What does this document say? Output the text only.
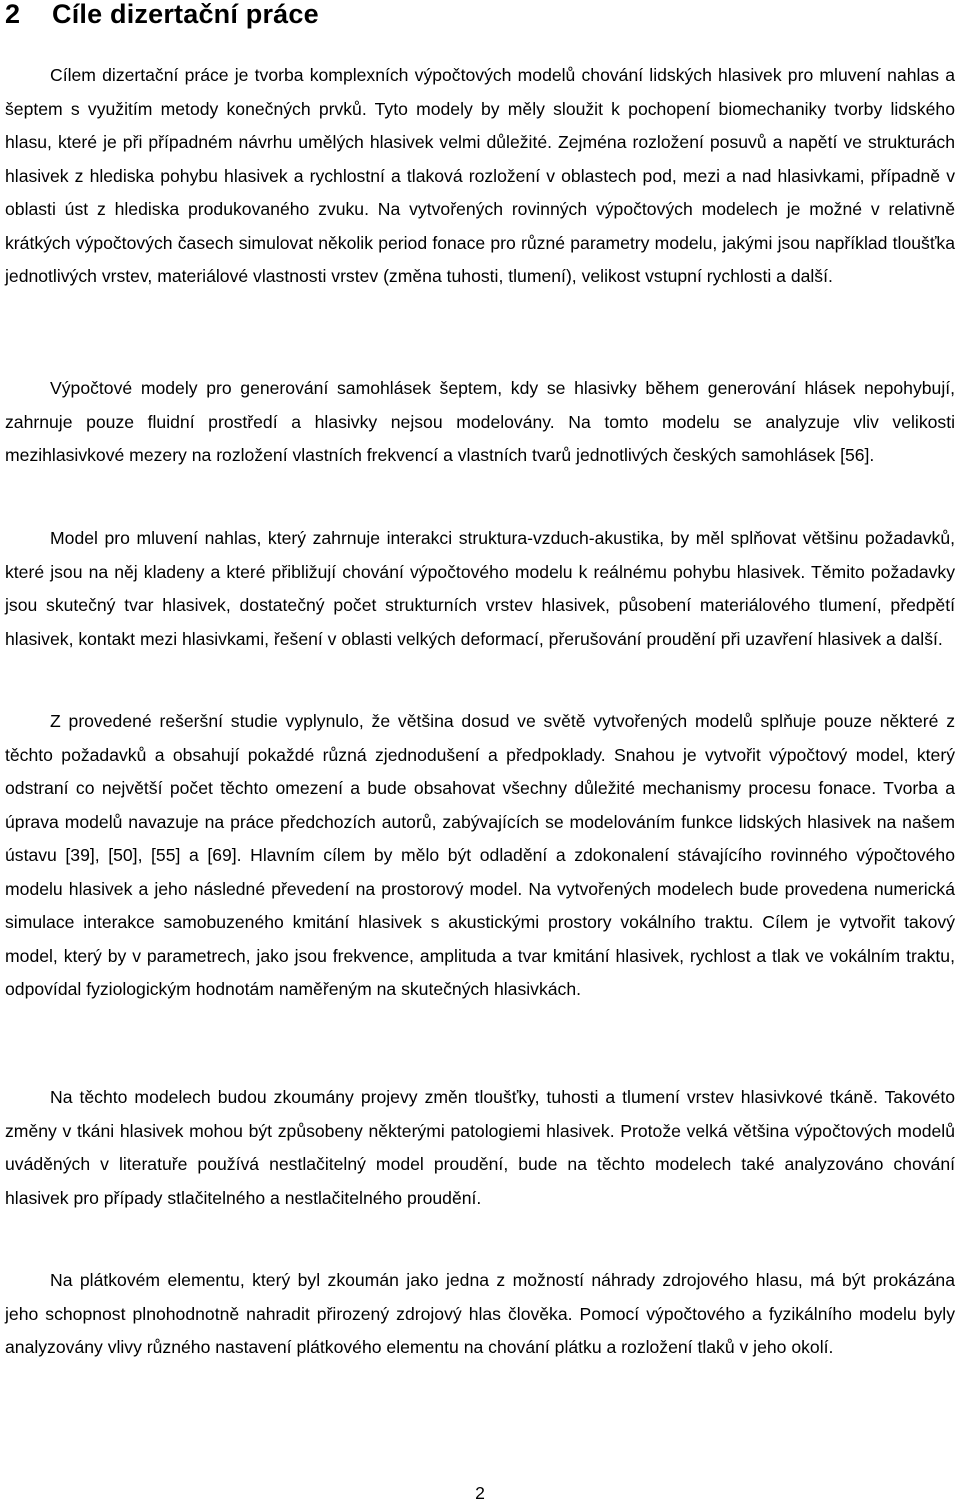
2 Cíle dizertační práce

Cílem dizertační práce je tvorba komplexních výpočtových modelů chování lidských hlasivek pro mluvení nahlas a šeptem s využitím metody konečných prvků. Tyto modely by měly sloužit k pochopení biomechaniky tvorby lidského hlasu, které je při případném návrhu umělých hlasivek velmi důležité. Zejména rozložení posuvů a napětí ve strukturách hlasivek z hlediska pohybu hlasivek a rychlostní a tlaková rozložení v oblastech pod, mezi a nad hlasivkami, případně v oblasti úst z hlediska produkovaného zvuku. Na vytvořených rovinných výpočtových modelech je možné v relativně krátkých výpočtových časech simulovat několik period fonace pro různé parametry modelu, jakými jsou například tloušťka jednotlivých vrstev, materiálové vlastnosti vrstev (změna tuhosti, tlumení), velikost vstupní rychlosti a další.

Výpočtové modely pro generování samohlásek šeptem, kdy se hlasivky během generování hlásek nepohybují, zahrnuje pouze fluidní prostředí a hlasivky nejsou modelovány. Na tomto modelu se analyzuje vliv velikosti mezihlasivkové mezery na rozložení vlastních frekvencí a vlastních tvarů jednotlivých českých samohlásek [56].

Model pro mluvení nahlas, který zahrnuje interakci struktura-vzduch-akustika, by měl splňovat většinu požadavků, které jsou na něj kladeny a které přibližují chování výpočtového modelu k reálnému pohybu hlasivek. Těmito požadavky jsou skutečný tvar hlasivek, dostatečný počet strukturních vrstev hlasivek, působení materiálového tlumení, předpětí hlasivek, kontakt mezi hlasivkami, řešení v oblasti velkých deformací, přerušování proudění při uzavření hlasivek a další.

Z provedené rešeršní studie vyplynulo, že většina dosud ve světě vytvořených modelů splňuje pouze některé z těchto požadavků a obsahují pokaždé různá zjednodušení a předpoklady. Snahou je vytvořit výpočtový model, který odstraní co největší počet těchto omezení a bude obsahovat všechny důležité mechanismy procesu fonace. Tvorba a úprava modelů navazuje na práce předchozích autorů, zabývajících se modelováním funkce lidských hlasivek na našem ústavu [39], [50], [55] a [69]. Hlavním cílem by mělo být odladění a zdokonalení stávajícího rovinného výpočtového modelu hlasivek a jeho následné převedení na prostorový model. Na vytvořených modelech bude provedena numerická simulace interakce samobuzeného kmitání hlasivek s akustickými prostory vokálního traktu. Cílem je vytvořit takový model, který by v parametrech, jako jsou frekvence, amplituda a tvar kmitání hlasivek, rychlost a tlak ve vokálním traktu, odpovídal fyziologickým hodnotám naměřeným na skutečných hlasivkách.

Na těchto modelech budou zkoumány projevy změn tloušťky, tuhosti a tlumení vrstev hlasivkové tkáně. Takovéto změny v tkáni hlasivek mohou být způsobeny některými patologiemi hlasivek. Protože velká většina výpočtových modelů uváděných v literatuře používá nestlačitelný model proudění, bude na těchto modelech také analyzováno chování hlasivek pro případy stlačitelného a nestlačitelného proudění.

Na plátkovém elementu, který byl zkoumán jako jedna z možností náhrady zdrojového hlasu, má být prokázána jeho schopnost plnohodnotně nahradit přirozený zdrojový hlas člověka. Pomocí výpočtového a fyzikálního modelu byly analyzovány vlivy různého nastavení plátkového elementu na chování plátku a rozložení tlaků v jeho okolí.

2
